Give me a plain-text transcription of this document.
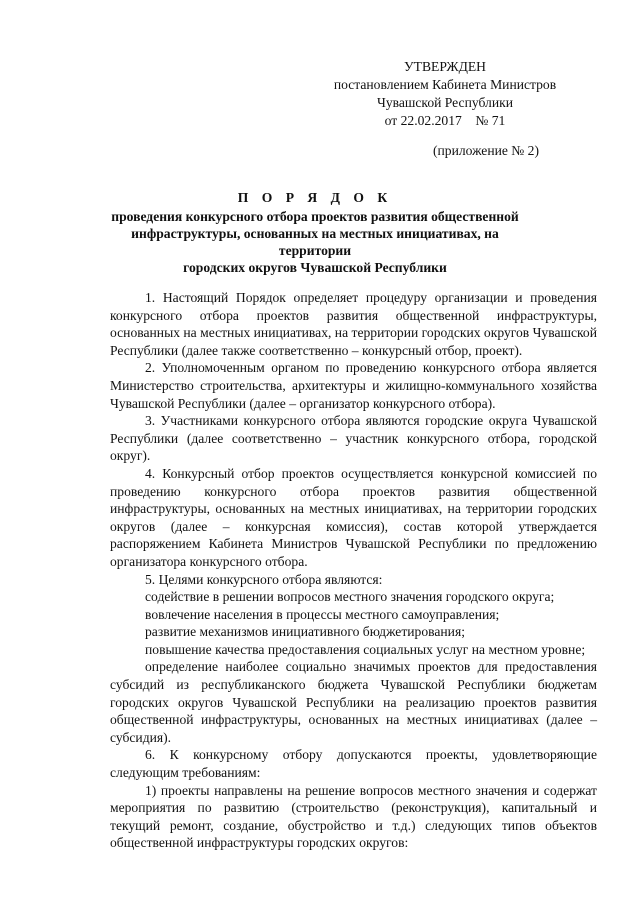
УТВЕРЖДЕН
постановлением Кабинета Министров
Чувашской Республики
от 22.02.2017    № 71
(приложение № 2)
П О Р Я Д О К
проведения конкурсного отбора проектов развития общественной
инфраструктуры, основанных на местных инициативах, на территории
городских округов Чувашской Республики

1. Настоящий Порядок определяет процедуру организации и проведения конкурсного отбора проектов развития общественной инфраструктуры, основанных на местных инициативах, на территории городских округов Чувашской Республики (далее также соответственно – конкурсный отбор, проект).

2. Уполномоченным органом по проведению конкурсного отбора является Министерство строительства, архитектуры и жилищно-коммунального хозяйства Чувашской Республики (далее – организатор конкурсного отбора).

3. Участниками конкурсного отбора являются городские округа Чувашской Республики (далее соответственно – участник конкурсного отбора, городской округ).

4. Конкурсный отбор проектов осуществляется конкурсной комиссией по проведению конкурсного отбора проектов развития общественной инфраструктуры, основанных на местных инициативах, на территории городских округов (далее – конкурсная комиссия), состав которой утверждается распоряжением Кабинета Министров Чувашской Республики по предложению организатора конкурсного отбора.

5. Целями конкурсного отбора являются:

содействие в решении вопросов местного значения городского округа;

вовлечение населения в процессы местного самоуправления;

развитие механизмов инициативного бюджетирования;

повышение качества предоставления социальных услуг на местном уровне;

определение наиболее социально значимых проектов для предоставления субсидий из республиканского бюджета Чувашской Республики бюджетам городских округов Чувашской Республики на реализацию проектов развития общественной инфраструктуры, основанных на местных инициативах (далее – субсидия).

6. К конкурсному отбору допускаются проекты, удовлетворяющие следующим требованиям:

1) проекты направлены на решение вопросов местного значения и содержат мероприятия по развитию (строительство (реконструкция), капитальный и текущий ремонт, создание, обустройство и т.д.) следующих типов объектов общественной инфраструктуры городских округов:
